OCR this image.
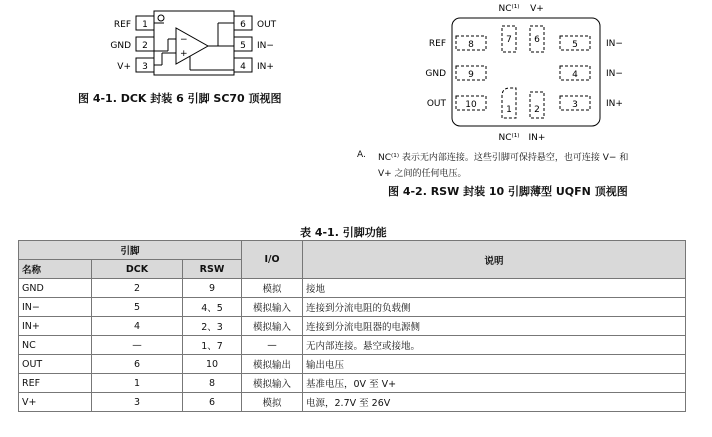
−
+
1
2
3
6
5
4
REF
GND
V+
OUT
IN−
IN+
图 4-1. DCK 封装 6 引脚 SC70 顶视图
8
9
10
5
4
3
7 6
1 2
NC⁽¹⁾ V+
NC⁽¹⁾ IN+
REF
GND
OUT
IN−
IN−
IN+
A. NC⁽¹⁾ 表示无内部连接。这些引脚可保持悬空，也可连接 V− 和
V+ 之间的任何电压。
图 4-2. RSW 封装 10 引脚薄型 UQFN 顶视图
表 4-1. 引脚功能
引脚			I/O	说明
名称	DCK	RSW		
GND	2	9	模拟	接地
IN−	5	4、5	模拟输入	连接到分流电阻的负载侧
IN+	4	2、3	模拟输入	连接到分流电阻器的电源侧
NC	—	1、7	—	无内部连接。悬空或接地。
OUT	6	10	模拟输出	输出电压
REF	1	8	模拟输入	基准电压，0V 至 V+
V+	3	6	模拟	电源，2.7V 至 26V
